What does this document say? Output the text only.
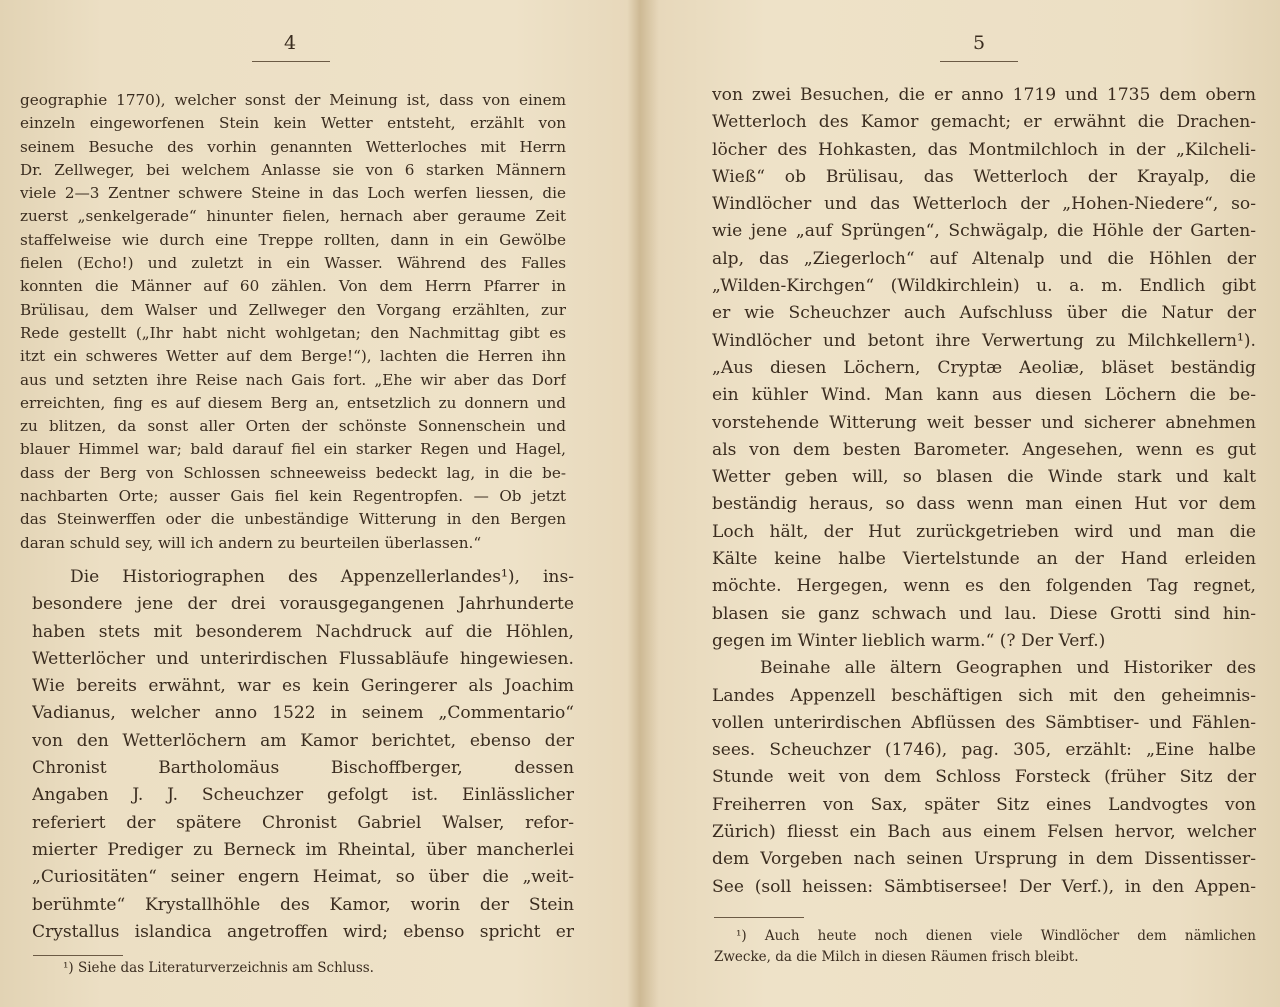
4
geographie 1770), welcher sonst der Meinung ist, dass von einem
einzeln eingeworfenen Stein kein Wetter entsteht, erzählt von
seinem Besuche des vorhin genannten Wetterloches mit Herrn
Dr. Zellweger, bei welchem Anlasse sie von 6 starken Männern
viele 2—3 Zentner schwere Steine in das Loch werfen liessen, die
zuerst „senkelgerade“ hinunter fielen, hernach aber geraume Zeit
staffelweise wie durch eine Treppe rollten, dann in ein Gewölbe
fielen (Echo!) und zuletzt in ein Wasser. Während des Falles
konnten die Männer auf 60 zählen. Von dem Herrn Pfarrer in
Brülisau, dem Walser und Zellweger den Vorgang erzählten, zur
Rede gestellt („Ihr habt nicht wohlgetan; den Nachmittag gibt es
itzt ein schweres Wetter auf dem Berge!“), lachten die Herren ihn
aus und setzten ihre Reise nach Gais fort. „Ehe wir aber das Dorf
erreichten, fing es auf diesem Berg an, entsetzlich zu donnern und
zu blitzen, da sonst aller Orten der schönste Sonnenschein und
blauer Himmel war; bald darauf fiel ein starker Regen und Hagel,
dass der Berg von Schlossen schneeweiss bedeckt lag, in die be-
nachbarten Orte; ausser Gais fiel kein Regentropfen. — Ob jetzt
das Steinwerffen oder die unbeständige Witterung in den Bergen
daran schuld sey, will ich andern zu beurteilen überlassen.“
Die Historiographen des Appenzellerlandes¹), ins-
besondere jene der drei vorausgegangenen Jahrhunderte
haben stets mit besonderem Nachdruck auf die Höhlen,
Wetterlöcher und unterirdischen Flussabläufe hingewiesen.
Wie bereits erwähnt, war es kein Geringerer als Joachim
Vadianus, welcher anno 1522 in seinem „Commentario“
von den Wetterlöchern am Kamor berichtet, ebenso der
Chronist Bartholomäus Bischoffberger, dessen
Angaben J. J. Scheuchzer gefolgt ist. Einlässlicher
referiert der spätere Chronist Gabriel Walser, refor-
mierter Prediger zu Berneck im Rheintal, über mancherlei
„Curiositäten“ seiner engern Heimat, so über die „weit-
berühmte“ Krystallhöhle des Kamor, worin der Stein
Crystallus islandica angetroffen wird; ebenso spricht er
¹) Siehe das Literaturverzeichnis am Schluss.
5
von zwei Besuchen, die er anno 1719 und 1735 dem obern
Wetterloch des Kamor gemacht; er erwähnt die Drachen-
löcher des Hohkasten, das Montmilchloch in der „Kilcheli-
Wieß“ ob Brülisau, das Wetterloch der Krayalp, die
Windlöcher und das Wetterloch der „Hohen-Niedere“, so-
wie jene „auf Sprüngen“, Schwägalp, die Höhle der Garten-
alp, das „Ziegerloch“ auf Altenalp und die Höhlen der
„Wilden-Kirchgen“ (Wildkirchlein) u. a. m. Endlich gibt
er wie Scheuchzer auch Aufschluss über die Natur der
Windlöcher und betont ihre Verwertung zu Milchkellern¹).
„Aus diesen Löchern, Cryptæ Aeoliæ, bläset beständig
ein kühler Wind. Man kann aus diesen Löchern die be-
vorstehende Witterung weit besser und sicherer abnehmen
als von dem besten Barometer. Angesehen, wenn es gut
Wetter geben will, so blasen die Winde stark und kalt
beständig heraus, so dass wenn man einen Hut vor dem
Loch hält, der Hut zurückgetrieben wird und man die
Kälte keine halbe Viertelstunde an der Hand erleiden
möchte. Hergegen, wenn es den folgenden Tag regnet,
blasen sie ganz schwach und lau. Diese Grotti sind hin-
gegen im Winter lieblich warm.“ (? Der Verf.)
Beinahe alle ältern Geographen und Historiker des
Landes Appenzell beschäftigen sich mit den geheimnis-
vollen unterirdischen Abflüssen des Sämbtiser- und Fählen-
sees. Scheuchzer (1746), pag. 305, erzählt: „Eine halbe
Stunde weit von dem Schloss Forsteck (früher Sitz der
Freiherren von Sax, später Sitz eines Landvogtes von
Zürich) fliesst ein Bach aus einem Felsen hervor, welcher
dem Vorgeben nach seinen Ursprung in dem Dissentisser-
See (soll heissen: Sämbtisersee! Der Verf.), in den Appen-
¹) Auch heute noch dienen viele Windlöcher dem nämlichen
Zwecke, da die Milch in diesen Räumen frisch bleibt.
